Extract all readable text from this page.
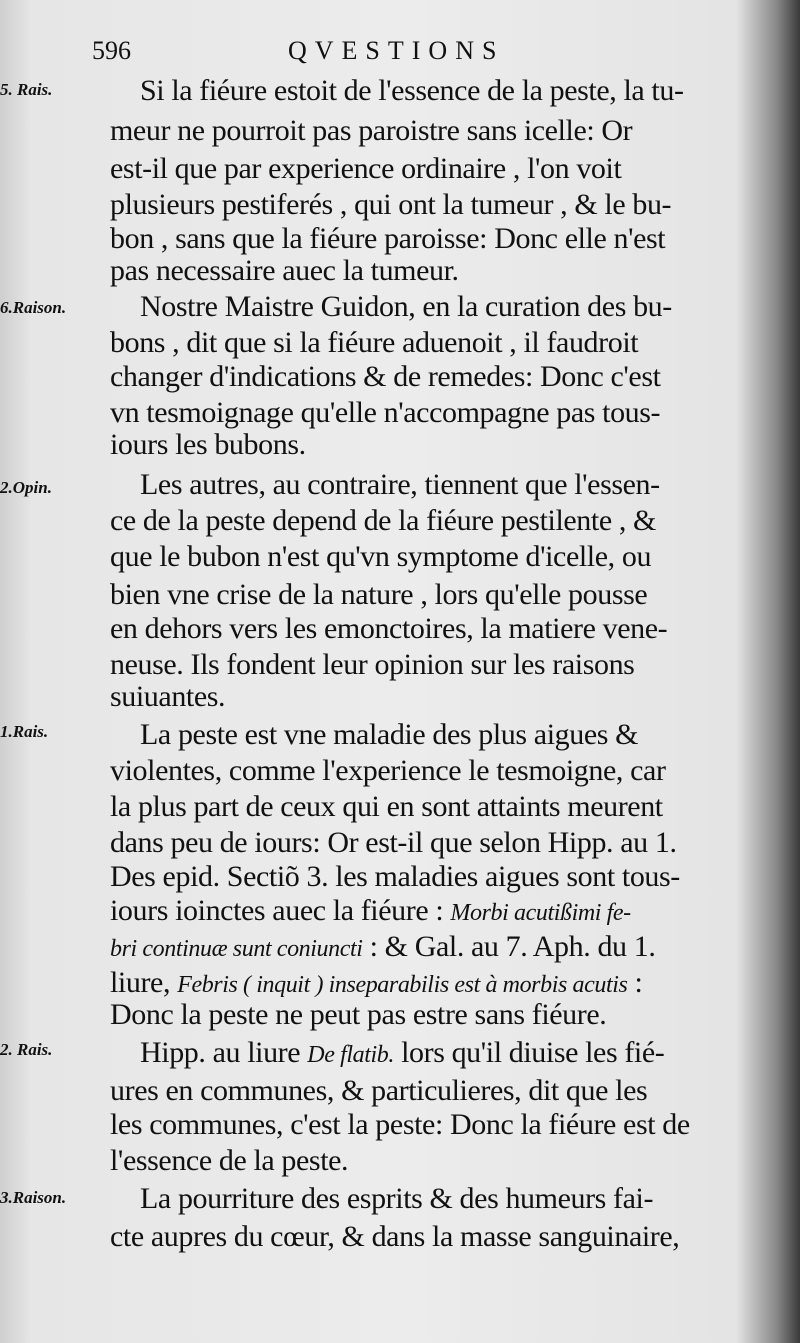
596	QVESTIONS
5. Rais.
6.Raison.
2.Opin.
1.Rais.
2. Rais.
3.Raison.
Si la fiéure estoit de l'essence de la peste, la tu-
meur ne pourroit pas paroistre sans icelle: Or
est-il que par experience ordinaire , l'on voit
plusieurs pestiferés , qui ont la tumeur , & le bu-
bon , sans que la fiéure paroisse: Donc elle n'est
pas necessaire auec la tumeur.
Nostre Maistre Guidon, en la curation des bu-
bons , dit que si la fiéure aduenoit , il faudroit
changer d'indications & de remedes: Donc c'est
vn tesmoignage qu'elle n'accompagne pas tous-
iours les bubons.
Les autres, au contraire, tiennent que l'essen-
ce de la peste depend de la fiéure pestilente , &
que le bubon n'est qu'vn symptome d'icelle, ou
bien vne crise de la nature , lors qu'elle pousse
en dehors vers les emonctoires, la matiere vene-
neuse. Ils fondent leur opinion sur les raisons
suiuantes.
La peste est vne maladie des plus aigues &
violentes, comme l'experience le tesmoigne, car
la plus part de ceux qui en sont attaints meurent
dans peu de iours: Or est-il que selon Hipp. au 1.
Des epid. Sectiõ 3. les maladies aigues sont tous-
iours ioinctes auec la fiéure : Morbi acutißimi fe-
bri continuæ sunt coniuncti : & Gal. au 7. Aph. du 1.
liure, Febris ( inquit ) inseparabilis est à morbis acutis :
Donc la peste ne peut pas estre sans fiéure.
Hipp. au liure De flatib. lors qu'il diuise les fié-
ures en communes, & particulieres, dit que les
les communes, c'est la peste: Donc la fiéure est de
l'essence de la peste.
La pourriture des esprits & des humeurs fai-
cte aupres du cœur, & dans la masse sanguinaire,
